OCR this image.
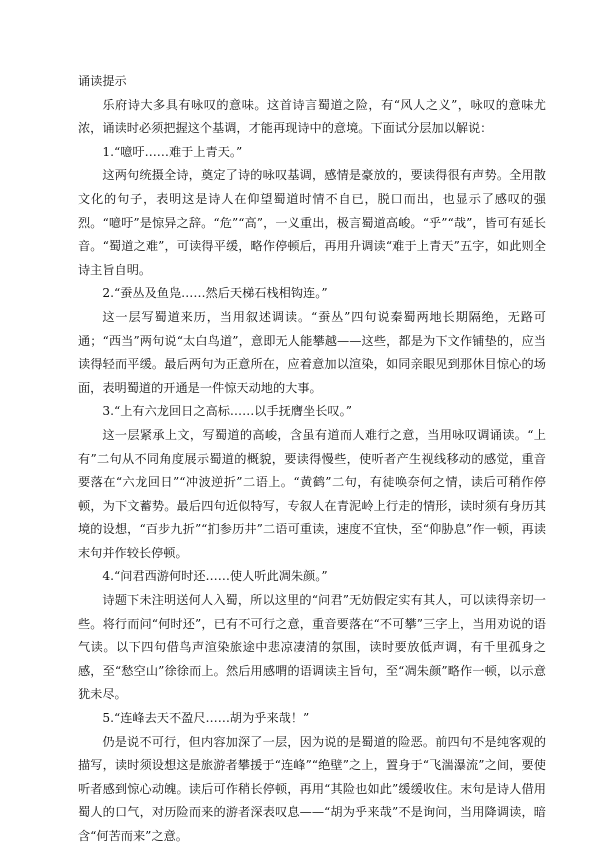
诵读提示

乐府诗大多具有咏叹的意味。这首诗言蜀道之险，有“风人之义”，咏叹的意味尤浓，诵读时必须把握这个基调，才能再现诗中的意境。下面试分层加以解说：

1.“噫吁……难于上青天。”

这两句统摄全诗，奠定了诗的咏叹基调，感情是豪放的，要读得很有声势。全用散文化的句子，表明这是诗人在仰望蜀道时情不自已，脱口而出，也显示了感叹的强烈。“噫吁”是惊异之辞。“危”“高”，一义重出，极言蜀道高峻。“乎”“哉”，皆可有延长音。“蜀道之难”，可读得平缓，略作停顿后，再用升调读“难于上青天”五字，如此则全诗主旨自明。

2.“蚕丛及鱼凫……然后天梯石栈相钩连。”

这一层写蜀道来历，当用叙述调读。“蚕丛”四句说秦蜀两地长期隔绝，无路可通；“西当”两句说“太白鸟道”，意即无人能攀越——这些，都是为下文作铺垫的，应当读得轻而平缓。最后两句为正意所在，应着意加以渲染，如同亲眼见到那休目惊心的场面，表明蜀道的开通是一件惊天动地的大事。

3.“上有六龙回日之高标……以手抚膺坐长叹。”

这一层紧承上文，写蜀道的高峻，含虽有道而人难行之意，当用咏叹调诵读。“上有”二句从不同角度展示蜀道的概貌，要读得慢些，使听者产生视线移动的感觉，重音要落在“六龙回日”“冲波逆折”二语上。“黄鹤”二句，有徒唤奈何之情，读后可稍作停顿，为下文蓄势。最后四句近似特写，专叙人在青泥岭上行走的情形，读时须有身历其境的设想，“百步九折”“扪参历井”二语可重读，速度不宜快，至“仰胁息”作一顿，再读末句并作较长停顿。

4.“问君西游何时还……使人听此凋朱颜。”

诗题下未注明送何人入蜀，所以这里的“问君”无妨假定实有其人，可以读得亲切一些。将行而问“何时还”，已有不可行之意，重音要落在“不可攀”三字上，当用劝说的语气读。以下四句借鸟声渲染旅途中悲凉凄清的氛围，读时要放低声调，有千里孤身之感，至“愁空山”徐徐而上。然后用感喟的语调读主旨句，至“凋朱颜”略作一顿，以示意犹未尽。

5.“连峰去天不盈尺……胡为乎来哉！”

仍是说不可行，但内容加深了一层，因为说的是蜀道的险恶。前四句不是纯客观的描写，读时须设想这是旅游者攀援于“连峰”“绝壁”之上，置身于“飞湍瀑流”之间，要使听者感到惊心动魄。读后可作稍长停顿，再用“其险也如此”缓缓收住。末句是诗人借用蜀人的口气，对历险而来的游者深表叹息——“胡为乎来哉”不是询问，当用降调读，暗含“何苦而来”之意。
